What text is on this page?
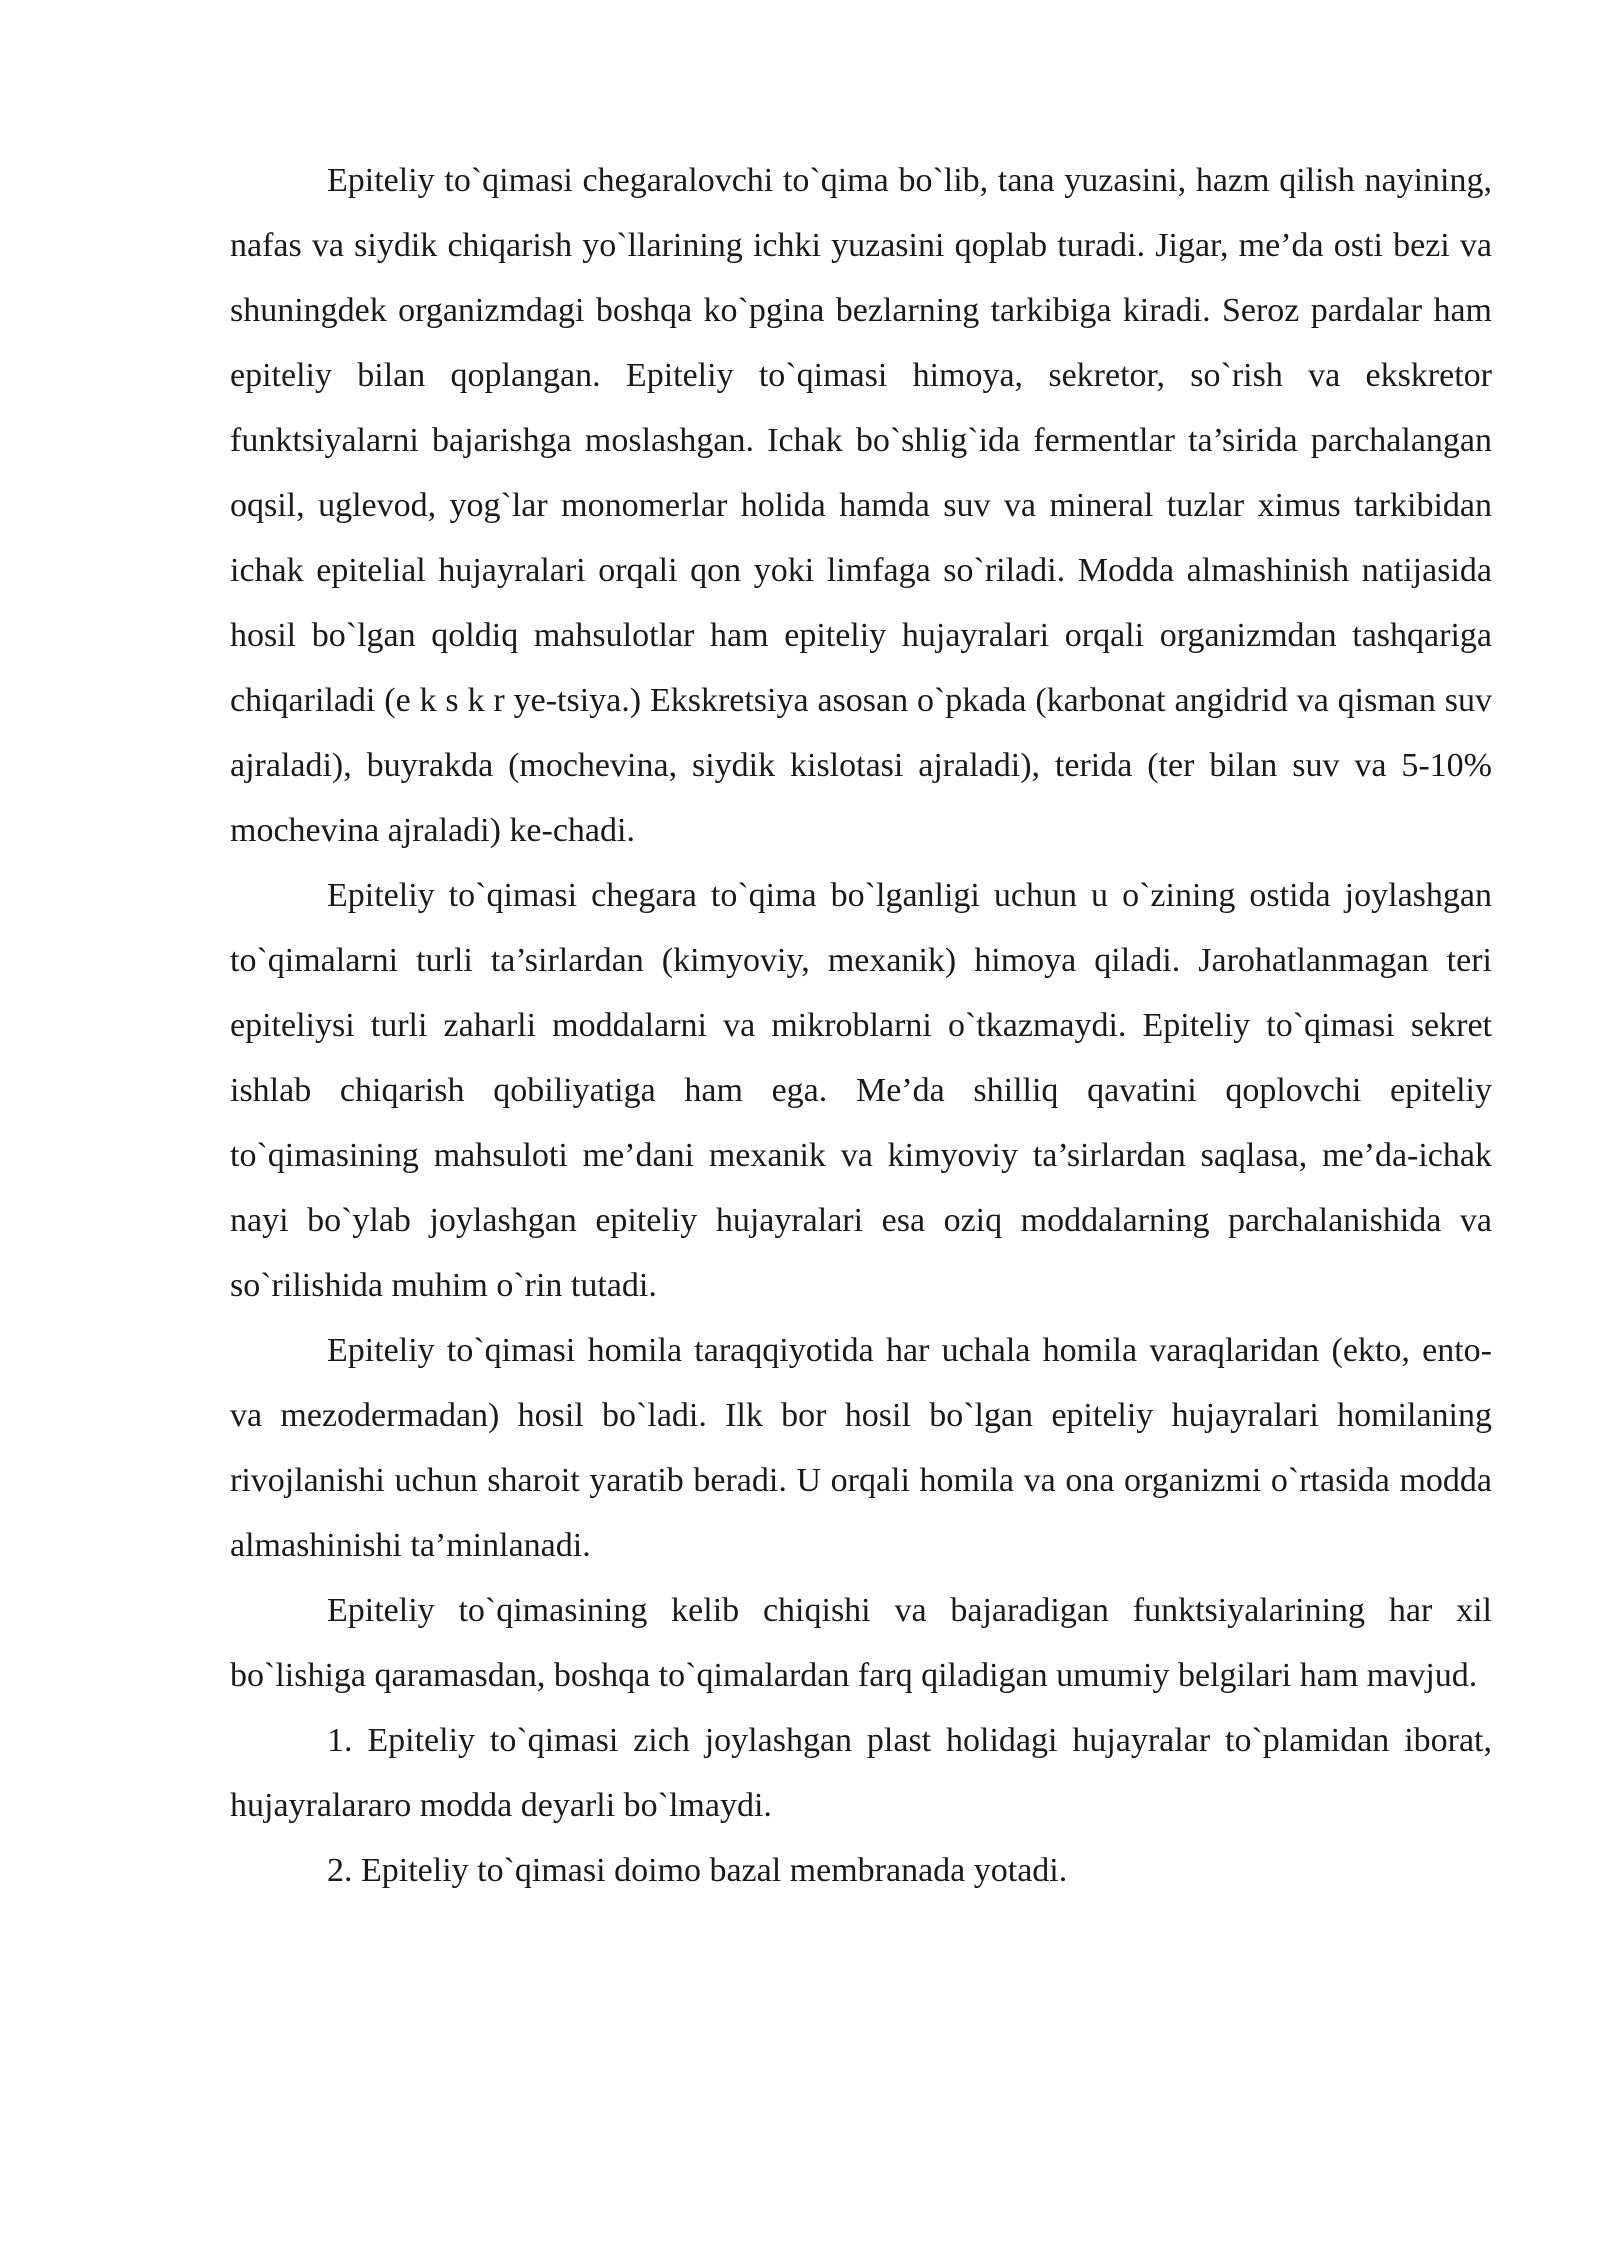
Epiteliy to`qimasi chegaralovchi to`qima bo`lib, tana yuzasini, hazm qilish nayining, nafas va siydik chiqarish yo`llarining ichki yuzasini qoplab turadi. Jigar, me’da osti bezi va shuningdek organizmdagi boshqa ko`pgina bezlarning tarkibiga kiradi. Seroz pardalar ham epiteliy bilan qoplangan. Epiteliy to`qimasi himoya, sekretor, so`rish va ekskretor funktsiyalarni bajarishga moslashgan. Ichak bo`shlig`ida fermentlar ta’sirida parchalangan oqsil, uglevod, yog`lar monomerlar holida hamda suv va mineral tuzlar ximus tarkibidan ichak epitelial hujayralari orqali qon yoki limfaga so`riladi. Modda almashinish natijasida hosil bo`lgan qoldiq mahsulotlar ham epiteliy hujayralari orqali organizmdan tashqariga chiqariladi (e k s k r ye-tsiya.) Ekskretsiya asosan o`pkada (karbonat angidrid va qisman suv ajraladi), buyrakda (mochevina, siydik kislotasi ajraladi), terida (ter bilan suv va 5-10% mochevina ajraladi) ke-chadi.

Epiteliy to`qimasi chegara to`qima bo`lganligi uchun u o`zining ostida joylashgan to`qimalarni turli ta’sirlardan (kimyoviy, mexanik) himoya qiladi. Jarohatlanmagan teri epiteliysi turli zaharli moddalarni va mikroblarni o`tkazmaydi. Epiteliy to`qimasi sekret ishlab chiqarish qobiliyatiga ham ega. Me’da shilliq qavatini qoplovchi epiteliy to`qimasining mahsuloti me’dani mexanik va kimyoviy ta’sirlardan saqlasa, me’da-ichak nayi bo`ylab joylashgan epiteliy hujayralari esa oziq moddalarning parchalanishida va so`rilishida muhim o`rin tutadi.

Epiteliy to`qimasi homila taraqqiyotida har uchala homila varaqlaridan (ekto, ento- va mezodermadan) hosil bo`ladi. Ilk bor hosil bo`lgan epiteliy hujayralari homilaning rivojlanishi uchun sharoit yaratib beradi. U orqali homila va ona organizmi o`rtasida modda almashinishi ta’minlanadi.

Epiteliy to`qimasining kelib chiqishi va bajaradigan funktsiyalarining har xil bo`lishiga qaramasdan, boshqa to`qimalardan farq qiladigan umumiy belgilari ham mavjud.

1. Epiteliy to`qimasi zich joylashgan plast holidagi hujayralar to`plamidan iborat, hujayralararo modda deyarli bo`lmaydi.

2. Epiteliy to`qimasi doimo bazal membranada yotadi.
